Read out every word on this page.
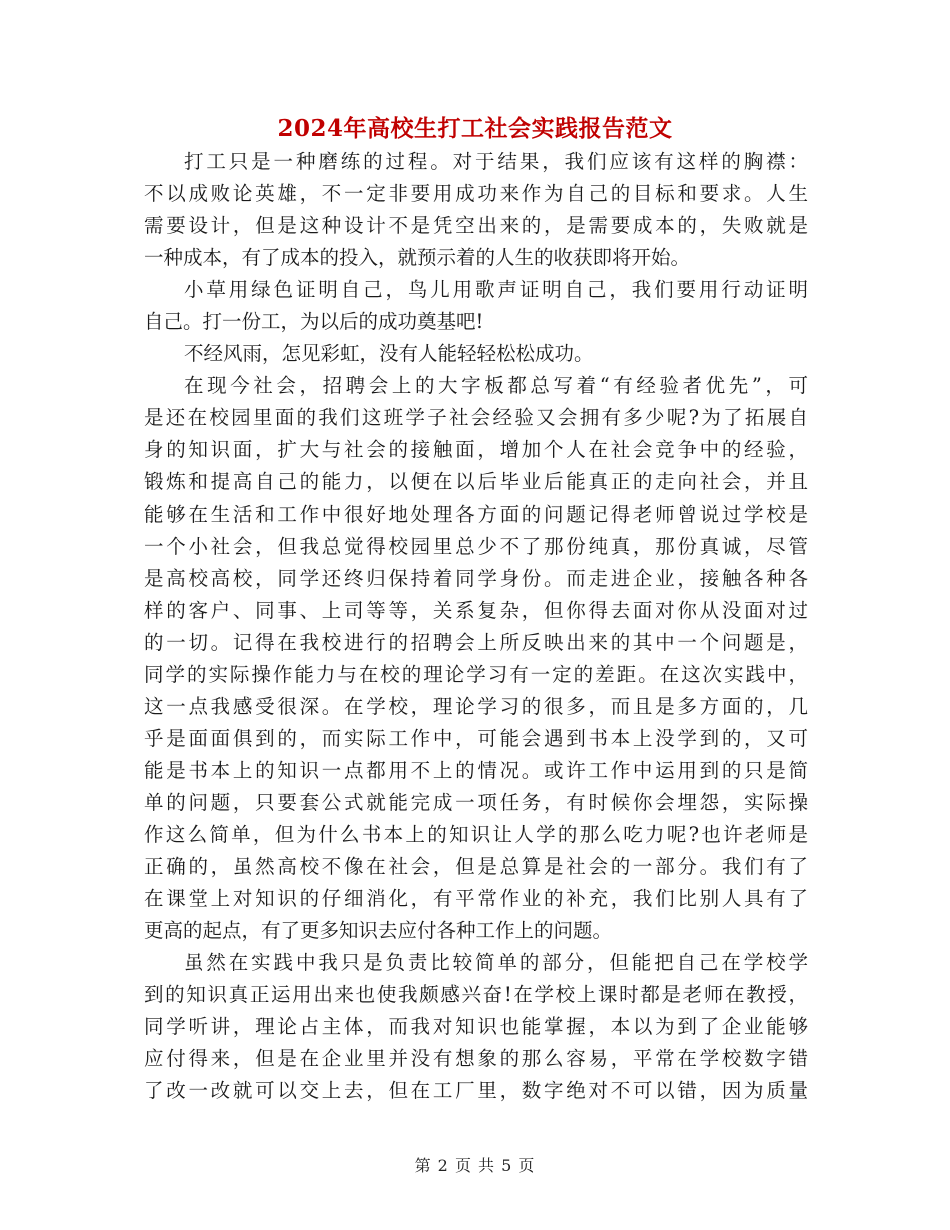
2024年高校生打工社会实践报告范文
打工只是一种磨练的过程。对于结果，我们应该有这样的胸襟：
不以成败论英雄，不一定非要用成功来作为自己的目标和要求。人生
需要设计，但是这种设计不是凭空出来的，是需要成本的，失败就是
一种成本，有了成本的投入，就预示着的人生的收获即将开始。
小草用绿色证明自己，鸟儿用歌声证明自己，我们要用行动证明
自己。打一份工，为以后的成功奠基吧!
不经风雨，怎见彩虹，没有人能轻轻松松成功。
在现今社会，招聘会上的大字板都总写着“有经验者优先”，可
是还在校园里面的我们这班学子社会经验又会拥有多少呢?为了拓展自
身的知识面，扩大与社会的接触面，增加个人在社会竞争中的经验，
锻炼和提高自己的能力，以便在以后毕业后能真正的走向社会，并且
能够在生活和工作中很好地处理各方面的问题记得老师曾说过学校是
一个小社会，但我总觉得校园里总少不了那份纯真，那份真诚，尽管
是高校高校，同学还终归保持着同学身份。而走进企业，接触各种各
样的客户、同事、上司等等，关系复杂，但你得去面对你从没面对过
的一切。记得在我校进行的招聘会上所反映出来的其中一个问题是，
同学的实际操作能力与在校的理论学习有一定的差距。在这次实践中，
这一点我感受很深。在学校，理论学习的很多，而且是多方面的，几
乎是面面俱到的，而实际工作中，可能会遇到书本上没学到的，又可
能是书本上的知识一点都用不上的情况。或许工作中运用到的只是简
单的问题，只要套公式就能完成一项任务，有时候你会埋怨，实际操
作这么简单，但为什么书本上的知识让人学的那么吃力呢?也许老师是
正确的，虽然高校不像在社会，但是总算是社会的一部分。我们有了
在课堂上对知识的仔细消化，有平常作业的补充，我们比别人具有了
更高的起点，有了更多知识去应付各种工作上的问题。
虽然在实践中我只是负责比较简单的部分，但能把自己在学校学
到的知识真正运用出来也使我颇感兴奋!在学校上课时都是老师在教授，
同学听讲，理论占主体，而我对知识也能掌握，本以为到了企业能够
应付得来，但是在企业里并没有想象的那么容易，平常在学校数字错
了改一改就可以交上去，但在工厂里，数字绝对不可以错，因为质量
第 2 页 共 5 页
